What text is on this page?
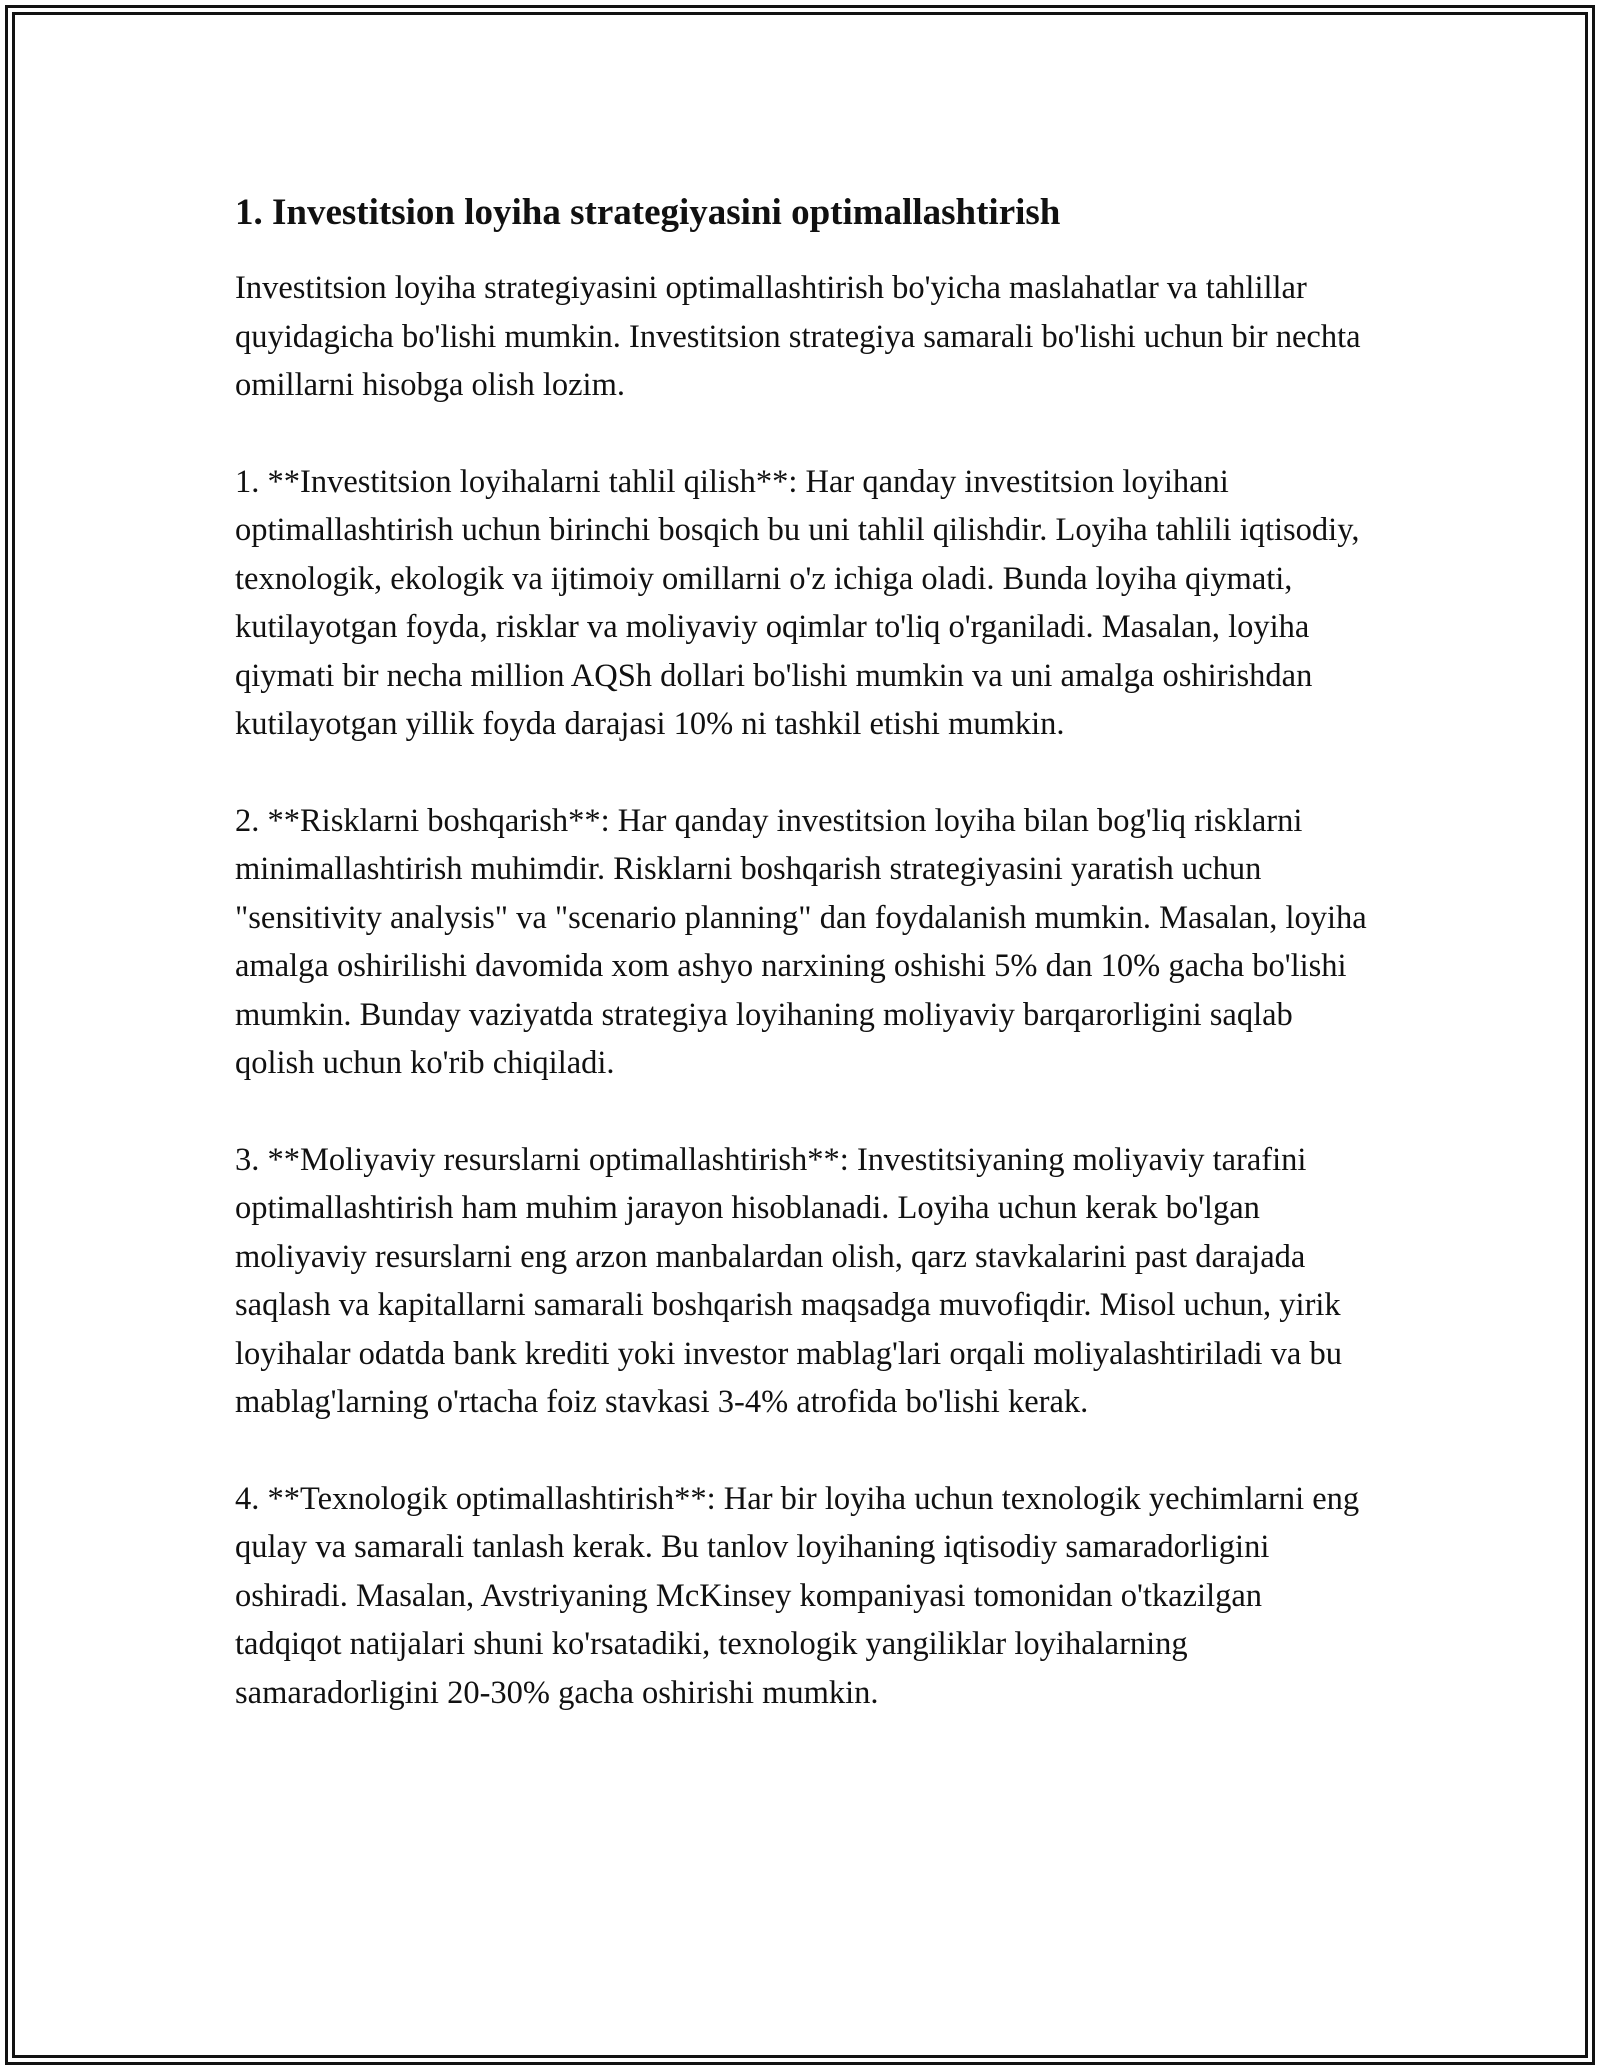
1. Investitsion loyiha strategiyasini optimallashtirish

Investitsion loyiha strategiyasini optimallashtirish bo'yicha maslahatlar va tahlillar quyidagicha bo'lishi mumkin. Investitsion strategiya samarali bo'lishi uchun bir nechta omillarni hisobga olish lozim.

1. **Investitsion loyihalarni tahlil qilish**: Har qanday investitsion loyihani optimallashtirish uchun birinchi bosqich bu uni tahlil qilishdir. Loyiha tahlili iqtisodiy, texnologik, ekologik va ijtimoiy omillarni o'z ichiga oladi. Bunda loyiha qiymati, kutilayotgan foyda, risklar va moliyaviy oqimlar to'liq o'rganiladi. Masalan, loyiha qiymati bir necha million AQSh dollari bo'lishi mumkin va uni amalga oshirishdan kutilayotgan yillik foyda darajasi 10% ni tashkil etishi mumkin.

2. **Risklarni boshqarish**: Har qanday investitsion loyiha bilan bog'liq risklarni minimallashtirish muhimdir. Risklarni boshqarish strategiyasini yaratish uchun "sensitivity analysis" va "scenario planning" dan foydalanish mumkin. Masalan, loyiha amalga oshirilishi davomida xom ashyo narxining oshishi 5% dan 10% gacha bo'lishi mumkin. Bunday vaziyatda strategiya loyihaning moliyaviy barqarorligini saqlab qolish uchun ko'rib chiqiladi.

3. **Moliyaviy resurslarni optimallashtirish**: Investitsiyaning moliyaviy tarafini optimallashtirish ham muhim jarayon hisoblanadi. Loyiha uchun kerak bo'lgan moliyaviy resurslarni eng arzon manbalardan olish, qarz stavkalarini past darajada saqlash va kapitallarni samarali boshqarish maqsadga muvofiqdir. Misol uchun, yirik loyihalar odatda bank krediti yoki investor mablag'lari orqali moliyalashtiriladi va bu mablag'larning o'rtacha foiz stavkasi 3-4% atrofida bo'lishi kerak.

4. **Texnologik optimallashtirish**: Har bir loyiha uchun texnologik yechimlarni eng qulay va samarali tanlash kerak. Bu tanlov loyihaning iqtisodiy samaradorligini oshiradi. Masalan, Avstriyaning McKinsey kompaniyasi tomonidan o'tkazilgan tadqiqot natijalari shuni ko'rsatadiki, texnologik yangiliklar loyihalarning samaradorligini 20-30% gacha oshirishi mumkin.
